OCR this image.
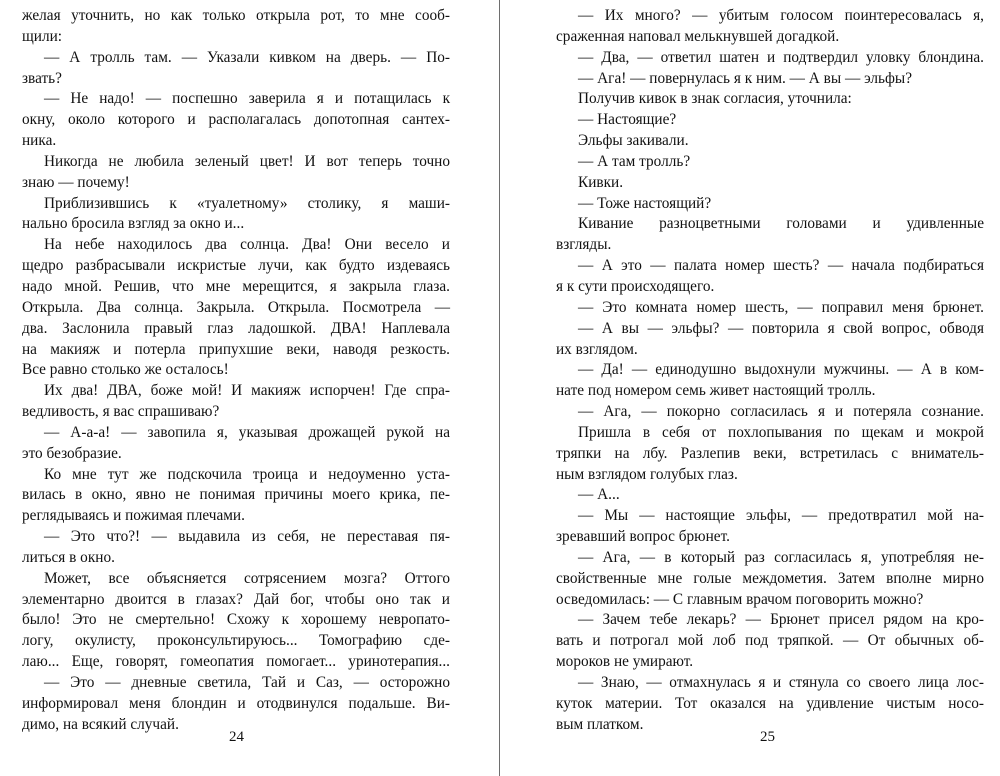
желая уточнить, но как только открыла рот, то мне сооб-
щили:
— А тролль там. — Указали кивком на дверь. — По-
звать?
— Не надо! — поспешно заверила я и потащилась к
окну, около которого и располагалась допотопная сантех-
ника.
Никогда не любила зеленый цвет! И вот теперь точно
знаю — почему!
Приблизившись к «туалетному» столику, я маши-
нально бросила взгляд за окно и...
На небе находилось два солнца. Два! Они весело и
щедро разбрасывали искристые лучи, как будто издеваясь
надо мной. Решив, что мне мерещится, я закрыла глаза.
Открыла. Два солнца. Закрыла. Открыла. Посмотрела —
два. Заслонила правый глаз ладошкой. ДВА! Наплевала
на макияж и потерла припухшие веки, наводя резкость.
Все равно столько же осталось!
Их два! ДВА, боже мой! И макияж испорчен! Где спра-
ведливость, я вас спрашиваю?
— А-а-а! — завопила я, указывая дрожащей рукой на
это безобразие.
Ко мне тут же подскочила троица и недоуменно уста-
вилась в окно, явно не понимая причины моего крика, пе-
реглядываясь и пожимая плечами.
— Это что?! — выдавила из себя, не переставая пя-
литься в окно.
Может, все объясняется сотрясением мозга? Оттого
элементарно двоится в глазах? Дай бог, чтобы оно так и
было! Это не смертельно! Схожу к хорошему невропато-
логу, окулисту, проконсультируюсь... Томографию сде-
лаю... Еще, говорят, гомеопатия помогает... уринотерапия...
— Это — дневные светила, Тай и Саз, — осторожно
информировал меня блондин и отодвинулся подальше. Ви-
димо, на всякий случай.
24
— Их много? — убитым голосом поинтересовалась я,
сраженная наповал мелькнувшей догадкой.
— Два, — ответил шатен и подтвердил уловку блондина.
— Ага! — повернулась я к ним. — А вы — эльфы?
Получив кивок в знак согласия, уточнила:
— Настоящие?
Эльфы закивали.
— А там тролль?
Кивки.
— Тоже настоящий?
Кивание разноцветными головами и удивленные
взгляды.
— А это — палата номер шесть? — начала подбираться
я к сути происходящего.
— Это комната номер шесть, — поправил меня брюнет.
— А вы — эльфы? — повторила я свой вопрос, обводя
их взглядом.
— Да! — единодушно выдохнули мужчины. — А в ком-
нате под номером семь живет настоящий тролль.
— Ага, — покорно согласилась я и потеряла сознание.
Пришла в себя от похлопывания по щекам и мокрой
тряпки на лбу. Разлепив веки, встретилась с вниматель-
ным взглядом голубых глаз.
— А...
— Мы — настоящие эльфы, — предотвратил мой на-
зревавший вопрос брюнет.
— Ага, — в который раз согласилась я, употребляя не-
свойственные мне голые междометия. Затем вполне мирно
осведомилась: — С главным врачом поговорить можно?
— Зачем тебе лекарь? — Брюнет присел рядом на кро-
вать и потрогал мой лоб под тряпкой. — От обычных об-
мороков не умирают.
— Знаю, — отмахнулась я и стянула со своего лица лос-
куток материи. Тот оказался на удивление чистым носо-
вым платком.
25
